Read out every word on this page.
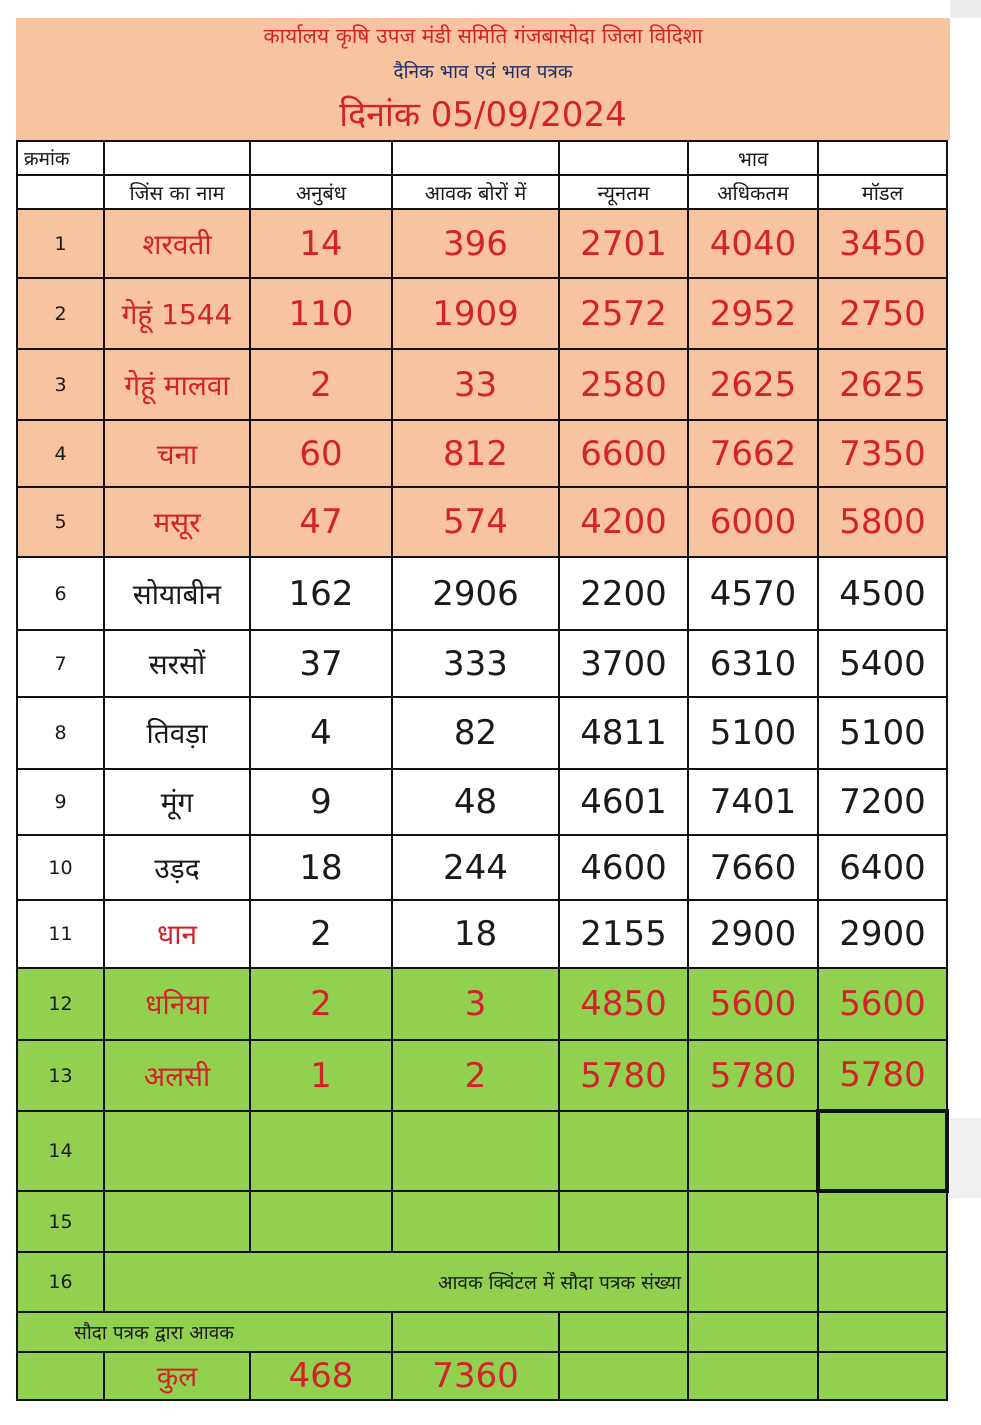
कार्यालय कृषि उपज मंडी समिति गंजबासोदा जिला विदिशा
दैनिक भाव एवं भाव पत्रक
दिनांक 05/09/2024
क्रमांक					भाव	
	जिंस का नाम	अनुबंध	आवक बोरों में	न्यूनतम	अधिकतम	मॉडल
1	शरवती	14	396	2701	4040	3450
2	गेहूं 1544	110	1909	2572	2952	2750
3	गेहूं मालवा	2	33	2580	2625	2625
4	चना	60	812	6600	7662	7350
5	मसूर	47	574	4200	6000	5800
6	सोयाबीन	162	2906	2200	4570	4500
7	सरसों	37	333	3700	6310	5400
8	तिवड़ा	4	82	4811	5100	5100
9	मूंग	9	48	4601	7401	7200
10	उड़द	18	244	4600	7660	6400
11	धान	2	18	2155	2900	2900
12	धनिया	2	3	4850	5600	5600
13	अलसी	1	2	5780	5780	5780
14						
15						
16	आवक क्विंटल में सौदा पत्रक संख्या					
सौदा पत्रक द्वारा आवक						
	कुल	468	7360			
